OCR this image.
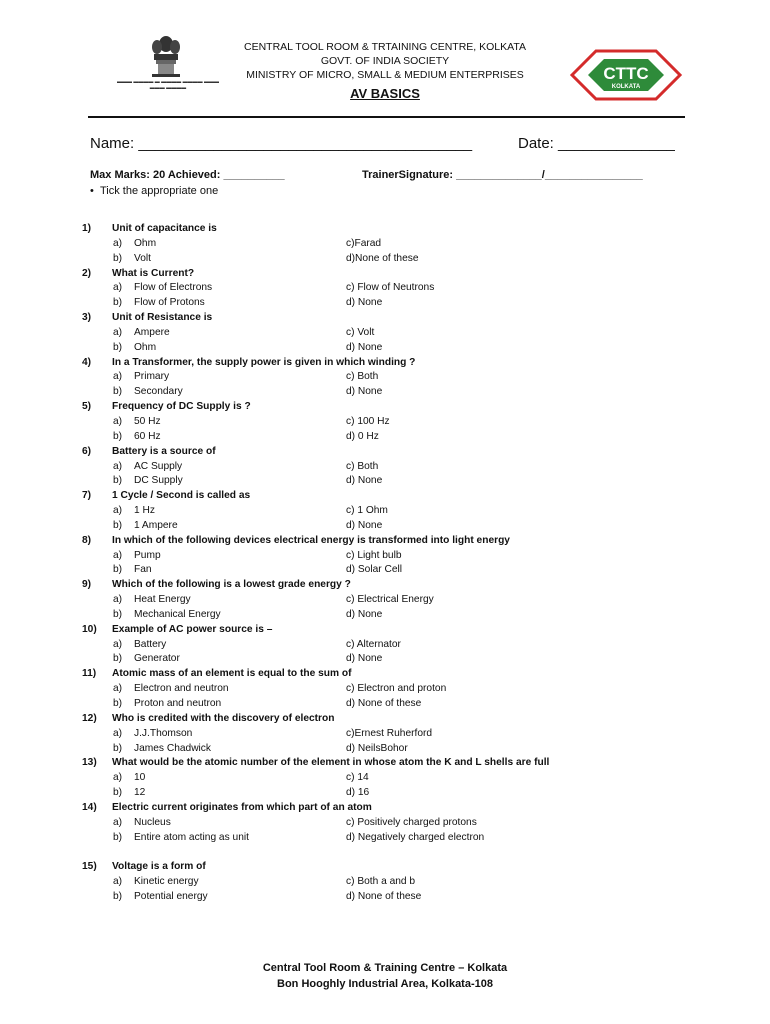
▬▬▬ ▬▬▬▬ ▬ ▬▬▬▬ ▬▬▬▬ ▬▬▬
▬▬▬ ▬▬▬▬
CENTRAL TOOL ROOM & TRTAINING CENTRE, KOLKATA
GOVT. OF INDIA SOCIETY
MINISTRY OF MICRO, SMALL & MEDIUM ENTERPRISES
AV BASICS
CTTC
KOLKATA
Name: ________________________________________	Date: ______________
Max Marks: 20 Achieved: __________	TrainerSignature: ______________/________________
•  Tick the appropriate one
1) Unit of capacitance is
a) Ohm	c)Farad
b) Volt	d)None of these
2) What is Current?
a) Flow of Electrons	c) Flow of Neutrons
b) Flow of Protons	d) None
3) Unit of Resistance is
a) Ampere	c) Volt
b) Ohm	d) None
4) In a Transformer, the supply power is given in which winding ?
a) Primary	c) Both
b) Secondary	d) None
5) Frequency of DC Supply is ?
a) 50 Hz	c) 100 Hz
b) 60 Hz	d) 0 Hz
6) Battery is a source of
a) AC Supply	c) Both
b) DC Supply	d) None
7) 1 Cycle / Second is called as
a) 1 Hz	c) 1 Ohm
b) 1 Ampere	d) None
8) In which of the following devices electrical energy is transformed into light energy
a) Pump	c) Light bulb
b) Fan	d) Solar Cell
9) Which of the following is a lowest grade energy ?
a) Heat Energy	c) Electrical Energy
b) Mechanical Energy	d) None
10) Example of AC power source is –
a) Battery	c) Alternator
b) Generator	d) None
11) Atomic mass of an element is equal to the sum of
a) Electron and neutron	c) Electron and proton
b) Proton and neutron	d) None of these
12) Who is credited with the discovery of electron
a) J.J.Thomson	c)Ernest Ruherford
b) James Chadwick	d) NeilsBohor
13) What would be the atomic number of the element in whose atom the K and L shells are full
a) 10	c) 14
b) 12	d) 16
14) Electric current originates from which part of an atom
a) Nucleus	c) Positively charged protons
b) Entire atom acting as unit	d) Negatively charged electron
15) Voltage is a form of
a) Kinetic energy	c) Both a and b
b) Potential energy	d) None of these
Central Tool Room & Training Centre – Kolkata
Bon Hooghly Industrial Area, Kolkata-108
